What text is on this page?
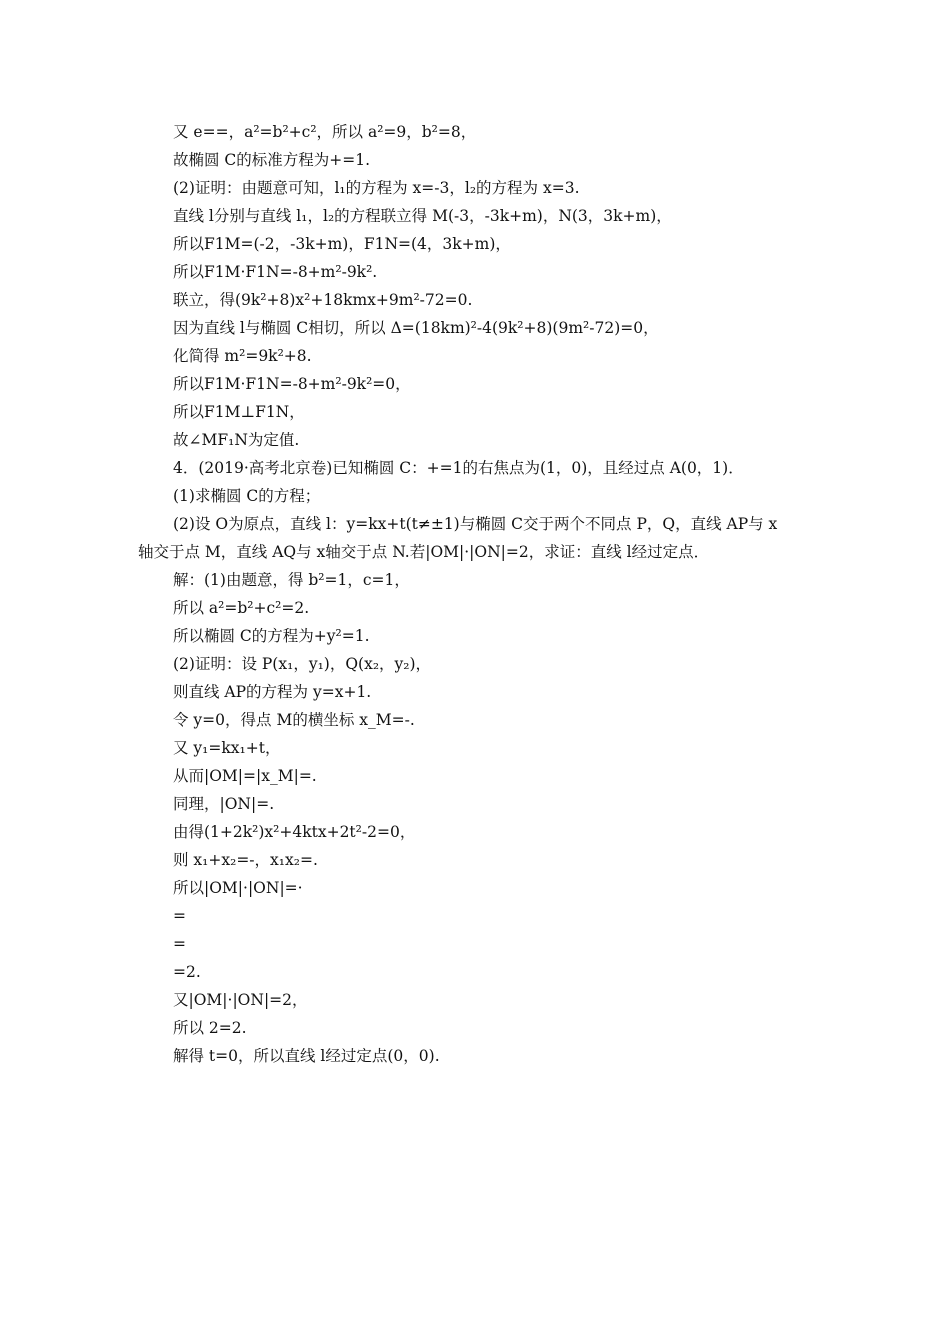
又 e==，a²=b²+c²，所以 a²=9，b²=8，
故椭圆 C的标准方程为+=1.
(2)证明：由题意可知，l₁的方程为 x=-3，l₂的方程为 x=3.
直线 l分别与直线 l₁，l₂的方程联立得 M(-3，-3k+m)，N(3，3k+m)，
所以F1M=(-2，-3k+m)，F1N=(4，3k+m)，
所以F1M·F1N=-8+m²-9k².
联立，得(9k²+8)x²+18kmx+9m²-72=0.
因为直线 l与椭圆 C相切，所以 Δ=(18km)²-4(9k²+8)(9m²-72)=0，
化简得 m²=9k²+8.
所以F1M·F1N=-8+m²-9k²=0，
所以F1M⊥F1N，
故∠MF₁N为定值.
4．(2019·高考北京卷)已知椭圆 C：+=1的右焦点为(1，0)，且经过点 A(0，1)．
(1)求椭圆 C的方程；
(2)设 O为原点，直线 l：y=kx+t(t≠±1)与椭圆 C交于两个不同点 P，Q，直线 AP与 x
轴交于点 M，直线 AQ与 x轴交于点 N.若|OM|·|ON|=2，求证：直线 l经过定点．
解：(1)由题意，得 b²=1，c=1，
所以 a²=b²+c²=2.
所以椭圆 C的方程为+y²=1.
(2)证明：设 P(x₁，y₁)，Q(x₂，y₂)，
则直线 AP的方程为 y=x+1.
令 y=0，得点 M的横坐标 x_M=-.
又 y₁=kx₁+t，
从而|OM|=|x_M|=.
同理，|ON|=.
由得(1+2k²)x²+4ktx+2t²-2=0，
则 x₁+x₂=-，x₁x₂=.
所以|OM|·|ON|=·
=
=
=2.
又|OM|·|ON|=2，
所以 2=2.
解得 t=0，所以直线 l经过定点(0，0).
